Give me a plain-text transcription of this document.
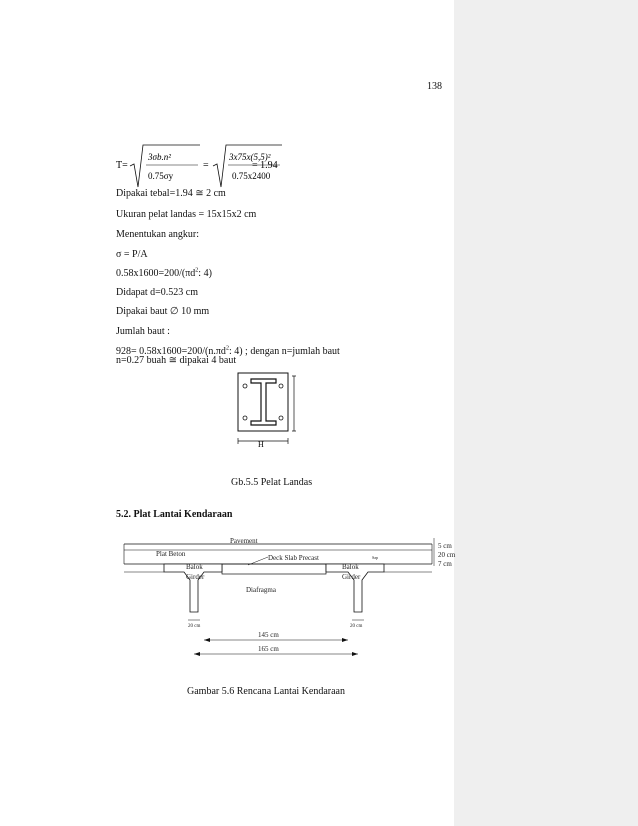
138
T=
3σb.n²
0.75σy
=
3x75x(5,5)²
0.75x2400
= 1.94
Dipakai tebal=1.94 ≅ 2 cm
Ukuran pelat landas = 15x15x2 cm
Menentukan angkur:
σ = P/A
$0.58x1600=200/(\pi d^2$: 4)
Didapat d=0.523 cm
Dipakai baut ∅ 10 mm
Jumlah baut :
$928= 0.58x1600=200/(n.\pi d^2$: 4) ; dengan n=jumlah baut
n=0.27 buah ≅ dipakai 4 baut
H
Gb.5.5 Pelat Landas
5.2. Plat Lantai Kendaraan
Pavement
Plat Beton	Deck Slab Precast	Sap
Balok
Girder
Balok
Girder
Diafragma
5 cm
20 cm
7 cm
20 cm	20 cm
145 cm
165 cm
Gambar 5.6 Rencana Lantai Kendaraan
